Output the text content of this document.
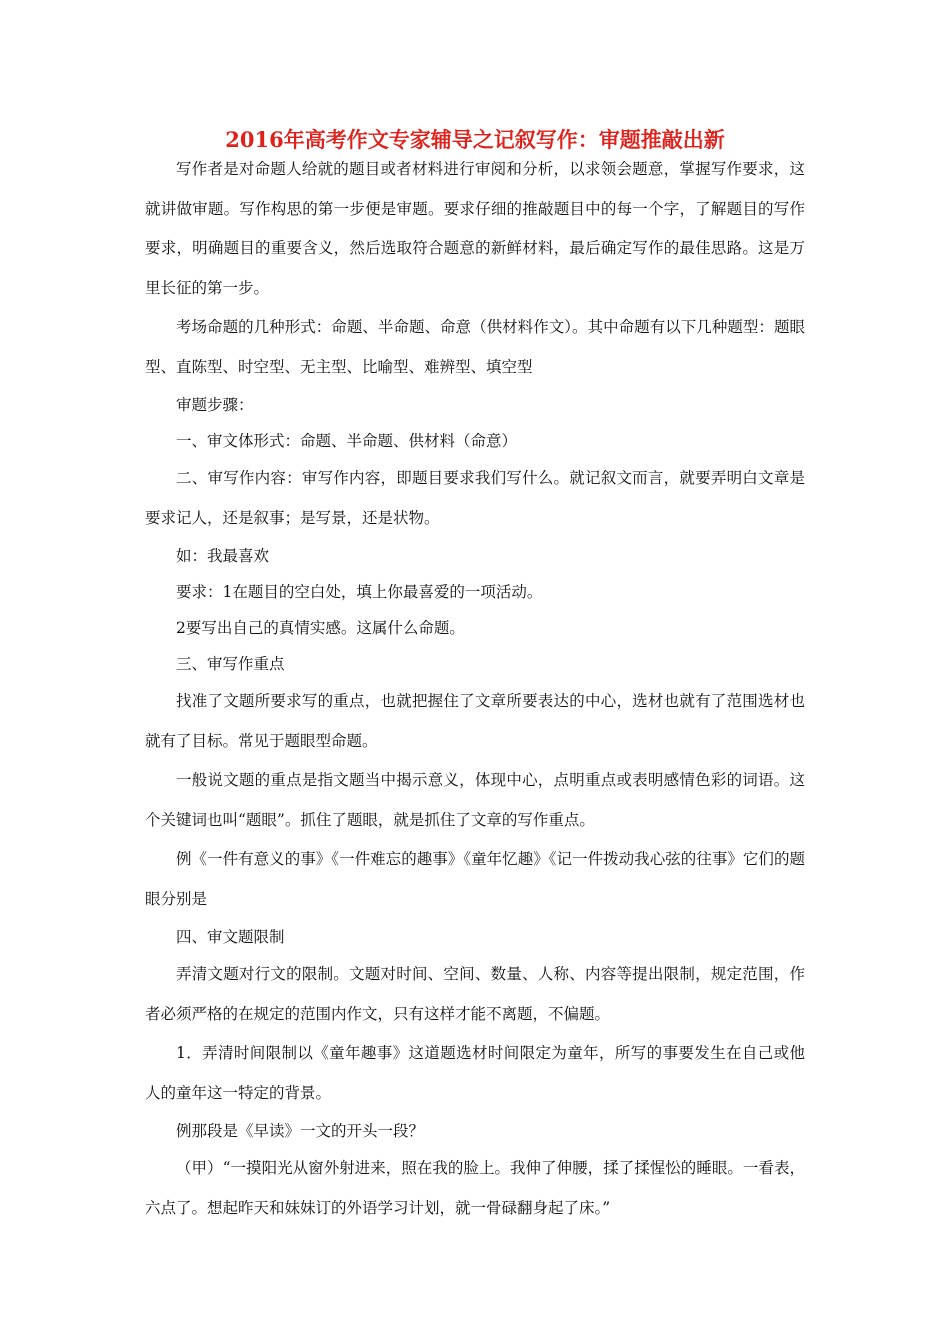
2016年高考作文专家辅导之记叙写作：审题推敲出新

写作者是对命题人给就的题目或者材料进行审阅和分析，以求领会题意，掌握写作要求，这就讲做审题。写作构思的第一步便是审题。要求仔细的推敲题目中的每一个字，了解题目的写作要求，明确题目的重要含义，然后选取符合题意的新鲜材料，最后确定写作的最佳思路。这是万里长征的第一步。

考场命题的几种形式：命题、半命题、命意（供材料作文）。其中命题有以下几种题型：题眼型、直陈型、时空型、无主型、比喻型、难辨型、填空型

审题步骤：

一、审文体形式：命题、半命题、供材料（命意）

二、审写作内容：审写作内容，即题目要求我们写什么。就记叙文而言，就要弄明白文章是要求记人，还是叙事；是写景，还是状物。

如：我最喜欢

要求：1在题目的空白处，填上你最喜爱的一项活动。

2要写出自己的真情实感。这属什么命题。

三、审写作重点

找准了文题所要求写的重点，也就把握住了文章所要表达的中心，选材也就有了范围选材也就有了目标。常见于题眼型命题。

一般说文题的重点是指文题当中揭示意义，体现中心，点明重点或表明感情色彩的词语。这个关键词也叫“题眼”。抓住了题眼，就是抓住了文章的写作重点。

例《一件有意义的事》《一件难忘的趣事》《童年忆趣》《记一件拨动我心弦的往事》它们的题眼分别是

四、审文题限制

弄清文题对行文的限制。文题对时间、空间、数量、人称、内容等提出限制，规定范围，作者必须严格的在规定的范围内作文，只有这样才能不离题，不偏题。

1．弄清时间限制以《童年趣事》这道题选材时间限定为童年，所写的事要发生在自己或他人的童年这一特定的背景。

例那段是《早读》一文的开头一段？

（甲）“一摸阳光从窗外射进来，照在我的脸上。我伸了伸腰，揉了揉惺忪的睡眼。一看表，六点了。想起昨天和妹妹订的外语学习计划，就一骨碌翻身起了床。”
